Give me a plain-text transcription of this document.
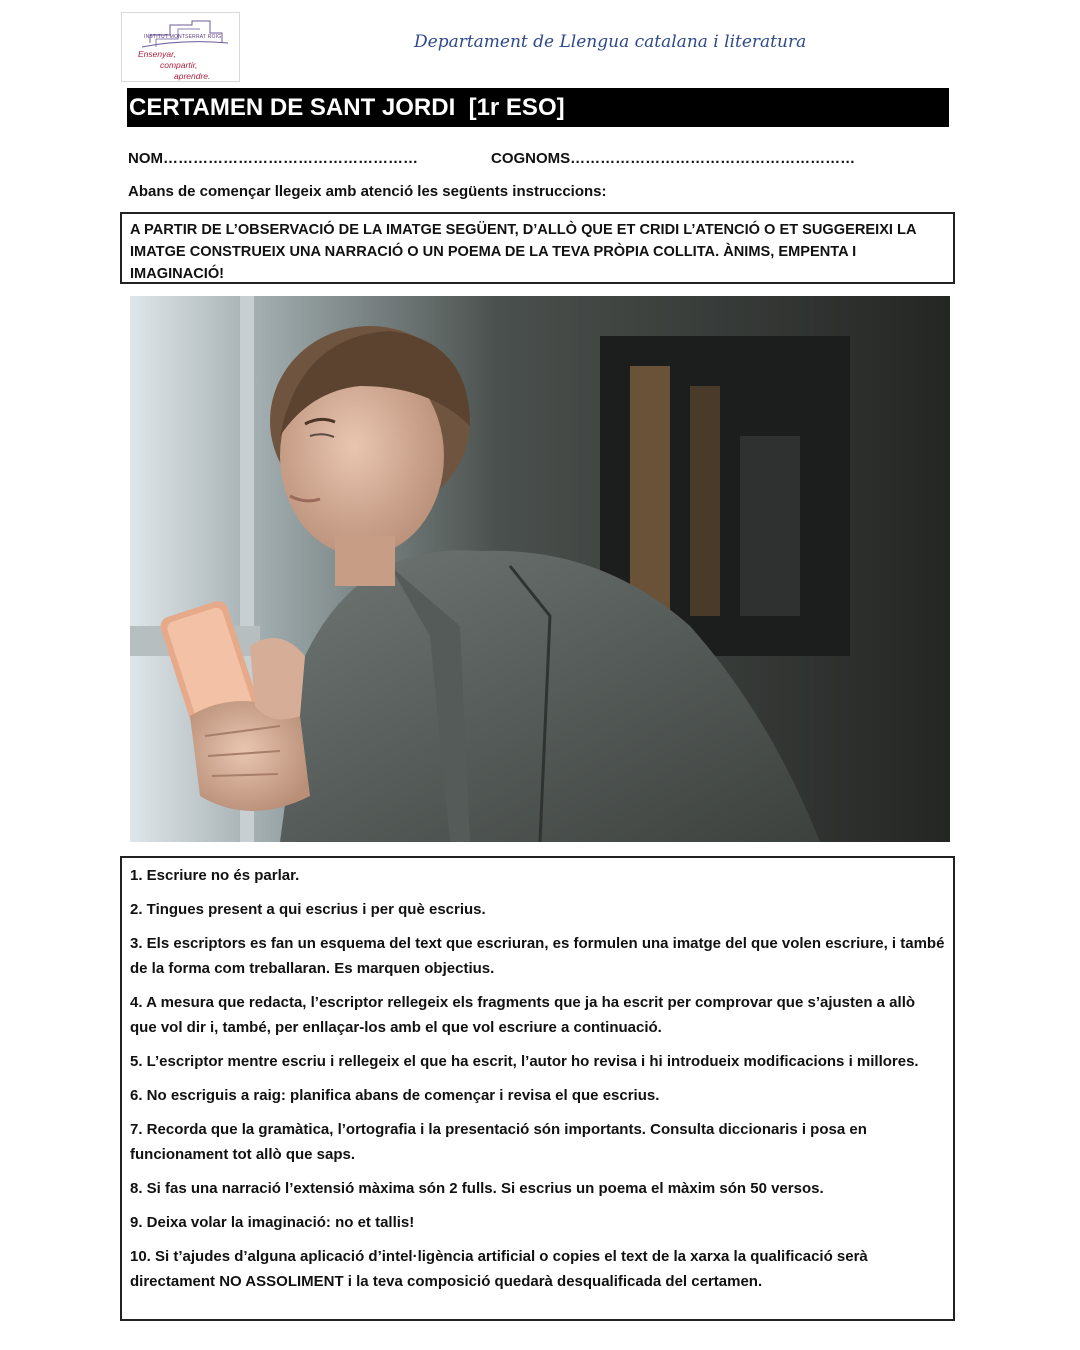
INSTITUT MONTSERRAT ROIG
Ensenyar,
compartir,
aprendre.
Departament de Llengua catalana i literatura
CERTAMEN DE SANT JORDI  [1r ESO]
NOM……………………………………………	COGNOMS…………………………………………………
Abans de començar llegeix amb atenció les següents instruccions:
A PARTIR DE L’OBSERVACIÓ DE LA IMATGE SEGÜENT, D’ALLÒ QUE ET CRIDI L’ATENCIÓ O ET SUGGEREIXI LA IMATGE CONSTRUEIX UNA NARRACIÓ O UN POEMA DE LA TEVA PRÒPIA COLLITA. ÀNIMS, EMPENTA I IMAGINACIÓ!

1. Escriure no és parlar.

2. Tingues present a qui escrius i per què escrius.

3. Els escriptors es fan un esquema del text que escriuran, es formulen una imatge del que volen escriure, i també de la forma com treballaran. Es marquen objectius.

4. A mesura que redacta, l’escriptor rellegeix els fragments que ja ha escrit per comprovar que s’ajusten a allò que vol dir i, també, per enllaçar-los amb el que vol escriure a continuació.

5. L’escriptor mentre escriu i rellegeix el que ha escrit, l’autor ho revisa i hi introdueix modificacions i millores.

6. No escriguis a raig: planifica abans de començar i revisa el que escrius.

7. Recorda que la gramàtica, l’ortografia i la presentació són importants. Consulta diccionaris i posa en funcionament tot allò que saps.

8. Si fas una narració l’extensió màxima són 2 fulls. Si escrius un poema el màxim són 50 versos.

9. Deixa volar la imaginació: no et tallis!

10. Si t’ajudes d’alguna aplicació d’intel·ligència artificial o copies el text de la xarxa la qualificació serà directament NO ASSOLIMENT i la teva composició quedarà desqualificada del certamen.
